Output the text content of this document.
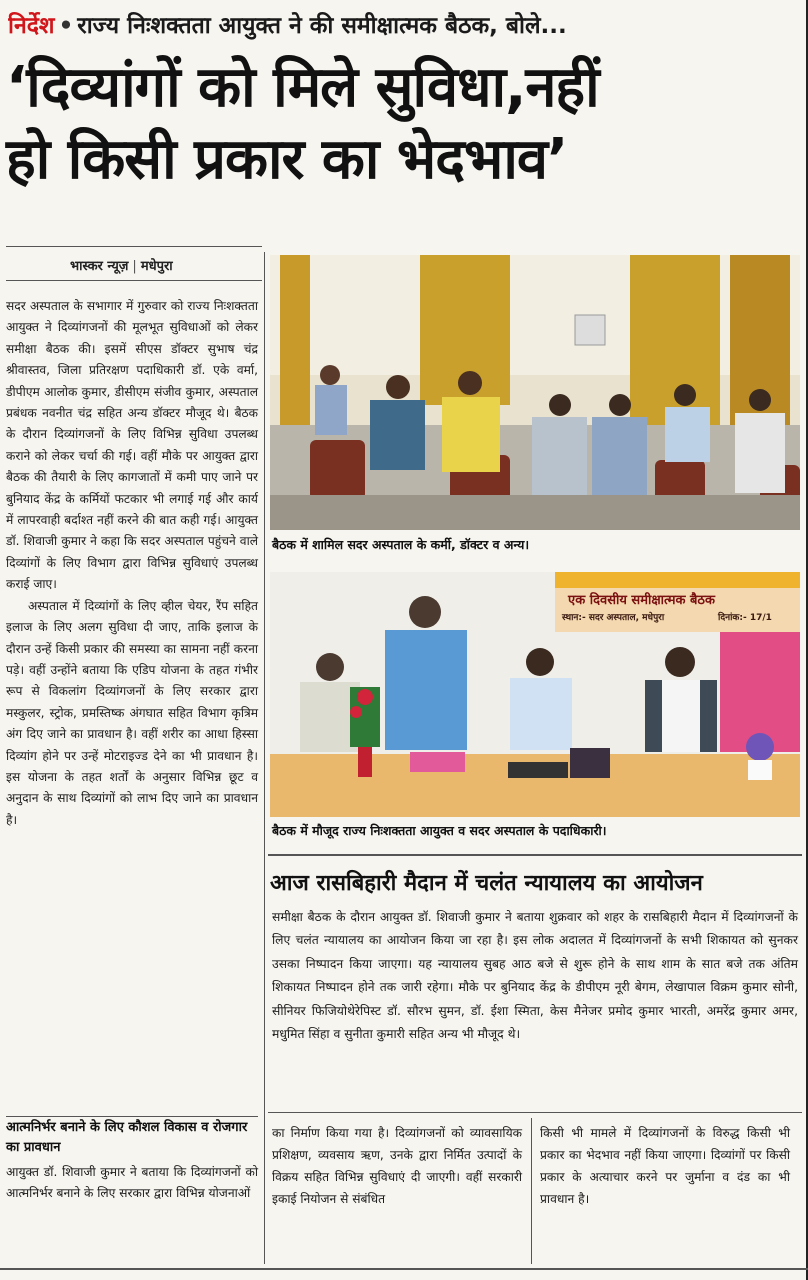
निर्देश • राज्य निःशक्तता आयुक्त ने की समीक्षात्मक बैठक, बोले...
‘दिव्यांगों को मिले सुविधा,नहीं
हो किसी प्रकार का भेदभाव’
भास्कर न्यूज़ | मधेपुरा

सदर अस्पताल के सभागार में गुरुवार को राज्य निःशक्तता आयुक्त ने दिव्यांगजनों की मूलभूत सुविधाओं को लेकर समीक्षा बैठक की। इसमें सीएस डॉक्टर सुभाष चंद्र श्रीवास्तव, जिला प्रतिरक्षण पदाधिकारी डॉ. एके वर्मा, डीपीएम आलोक कुमार, डीसीएम संजीव कुमार, अस्पताल प्रबंधक नवनीत चंद्र सहित अन्य डॉक्टर मौजूद थे। बैठक के दौरान दिव्यांगजनों के लिए विभिन्न सुविधा उपलब्ध कराने को लेकर चर्चा की गई। वहीं मौके पर आयुक्त द्वारा बैठक की तैयारी के लिए कागजातों में कमी पाए जाने पर बुनियाद केंद्र के कर्मियों फटकार भी लगाई गई और कार्य में लापरवाही बर्दाश्त नहीं करने की बात कही गई। आयुक्त डॉ. शिवाजी कुमार ने कहा कि सदर अस्पताल पहुंचने वाले दिव्यांगों के लिए विभाग द्वारा विभिन्न सुविधाएं उपलब्ध कराई जाए।

अस्पताल में दिव्यांगों के लिए व्हील चेयर, रैंप सहित इलाज के लिए अलग सुविधा दी जाए, ताकि इलाज के दौरान उन्हें किसी प्रकार की समस्या का सामना नहीं करना पड़े। वहीं उन्होंने बताया कि एडिप योजना के तहत गंभीर रूप से विकलांग दिव्यांगजनों के लिए सरकार द्वारा मस्कुलर, स्ट्रोक, प्रमस्तिष्क अंगघात सहित विभाग कृत्रिम अंग दिए जाने का प्रावधान है। वहीं शरीर का आधा हिस्सा दिव्यांग होने पर उन्हें मोटराइज्ड देने का भी प्रावधान है। इस योजना के तहत शर्तों के अनुसार विभिन्न छूट व अनुदान के साथ दिव्यांगों को लाभ दिए जाने का प्रावधान है।

आत्मनिर्भर बनाने के लिए कौशल विकास व रोजगार का प्रावधान
आयुक्त डॉ. शिवाजी कुमार ने बताया कि दिव्यांगजनों को आत्मनिर्भर बनाने के लिए सरकार द्वारा विभिन्न योजनाओं
बैठक में शामिल सदर अस्पताल के कर्मी, डॉक्टर व अन्य।
एक दिवसीय समीक्षात्मक बैठक
स्थान:- सदर अस्पताल, मधेपुरा	दिनांक:- 17/1
बैठक में मौजूद राज्य निःशक्तता आयुक्त व सदर अस्पताल के पदाधिकारी।
आज रासबिहारी मैदान में चलंत न्यायालय का आयोजन
समीक्षा बैठक के दौरान आयुक्त डॉ. शिवाजी कुमार ने बताया शुक्रवार को शहर के रासबिहारी मैदान में दिव्यांगजनों के लिए चलंत न्यायालय का आयोजन किया जा रहा है। इस लोक अदालत में दिव्यांगजनों के सभी शिकायत को सुनकर उसका निष्पादन किया जाएगा। यह न्यायालय सुबह आठ बजे से शुरू होने के साथ शाम के सात बजे तक अंतिम शिकायत निष्पादन होने तक जारी रहेगा। मौके पर बुनियाद केंद्र के डीपीएम नूरी बेगम, लेखापाल विक्रम कुमार सोनी, सीनियर फिजियोथेरेपिस्ट डॉ. सौरभ सुमन, डॉ. ईशा स्मिता, केस मैनेजर प्रमोद कुमार भारती, अमरेंद्र कुमार अमर, मधुमित सिंहा व सुनीता कुमारी सहित अन्य भी मौजूद थे।
का निर्माण किया गया है। दिव्यांगजनों को व्यावसायिक प्रशिक्षण, व्यवसाय ऋण, उनके द्वारा निर्मित उत्पादों के विक्रय सहित विभिन्न सुविधाएं दी जाएगी। वहीं सरकारी इकाई नियोजन से संबंधित
किसी भी मामले में दिव्यांगजनों के विरुद्ध किसी भी प्रकार का भेदभाव नहीं किया जाएगा। दिव्यांगों पर किसी प्रकार के अत्याचार करने पर जुर्माना व दंड का भी प्रावधान है।
